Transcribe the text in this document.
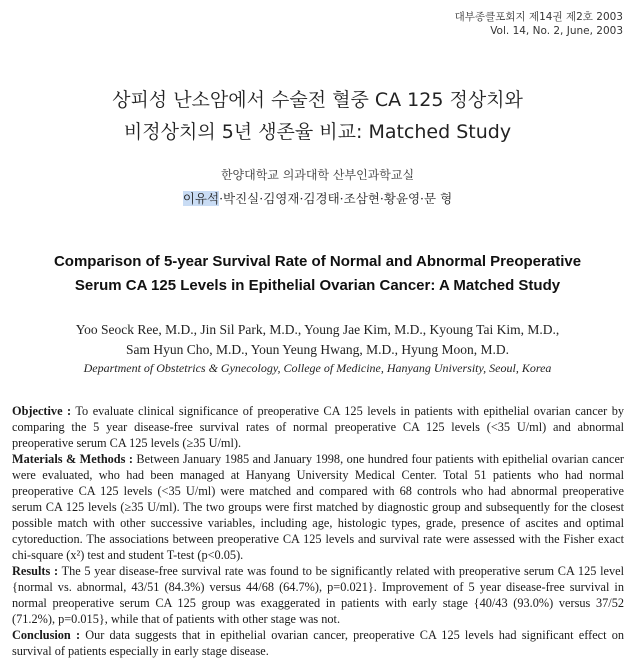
대부종클포회지 제14권 제2호 2003
Vol. 14, No. 2, June, 2003
상피성 난소암에서 수술전 혈중 CA 125 정상치와
비정상치의 5년 생존율 비교: Matched Study
한양대학교 의과대학 산부인과학교실
이유석·박진실·김영재·김경태·조삼현·황윤영·문 형
Comparison of 5-year Survival Rate of Normal and Abnormal Preoperative
Serum CA 125 Levels in Epithelial Ovarian Cancer: A Matched Study
Yoo Seock Ree, M.D., Jin Sil Park, M.D., Young Jae Kim, M.D., Kyoung Tai Kim, M.D.,
Sam Hyun Cho, M.D., Youn Yeung Hwang, M.D., Hyung Moon, M.D.
Department of Obstetrics & Gynecology, College of Medicine, Hanyang University, Seoul, Korea

Objective : To evaluate clinical significance of preoperative CA 125 levels in patients with epithelial ovarian cancer by comparing the 5 year disease-free survival rates of normal preoperative CA 125 levels (<35 U/ml) and abnormal preoperative serum CA 125 levels (≥35 U/ml).

Materials & Methods : Between January 1985 and January 1998, one hundred four patients with epithelial ovarian cancer were evaluated, who had been managed at Hanyang University Medical Center. Total 51 patients who had normal preoperative CA 125 levels (<35 U/ml) were matched and compared with 68 controls who had abnormal preoperative serum CA 125 levels (≥35 U/ml). The two groups were first matched by diagnostic group and subsequently for the closest possible match with other successive variables, including age, histologic types, grade, presence of ascites and optimal cytoreduction. The associations between preoperative CA 125 levels and survival rate were assessed with the Fisher exact chi-square (x²) test and student T-test (p<0.05).

Results : The 5 year disease-free survival rate was found to be significantly related with preoperative serum CA 125 level {normal vs. abnormal, 43/51 (84.3%) versus 44/68 (64.7%), p=0.021}. Improvement of 5 year disease-free survival in normal preoperative serum CA 125 group was exaggerated in patients with early stage {40/43 (93.0%) versus 37/52 (71.2%), p=0.015}, while that of patients with other stage was not.

Conclusion : Our data suggests that in epithelial ovarian cancer, preoperative CA 125 levels had significant effect on survival of patients especially in early stage disease.
